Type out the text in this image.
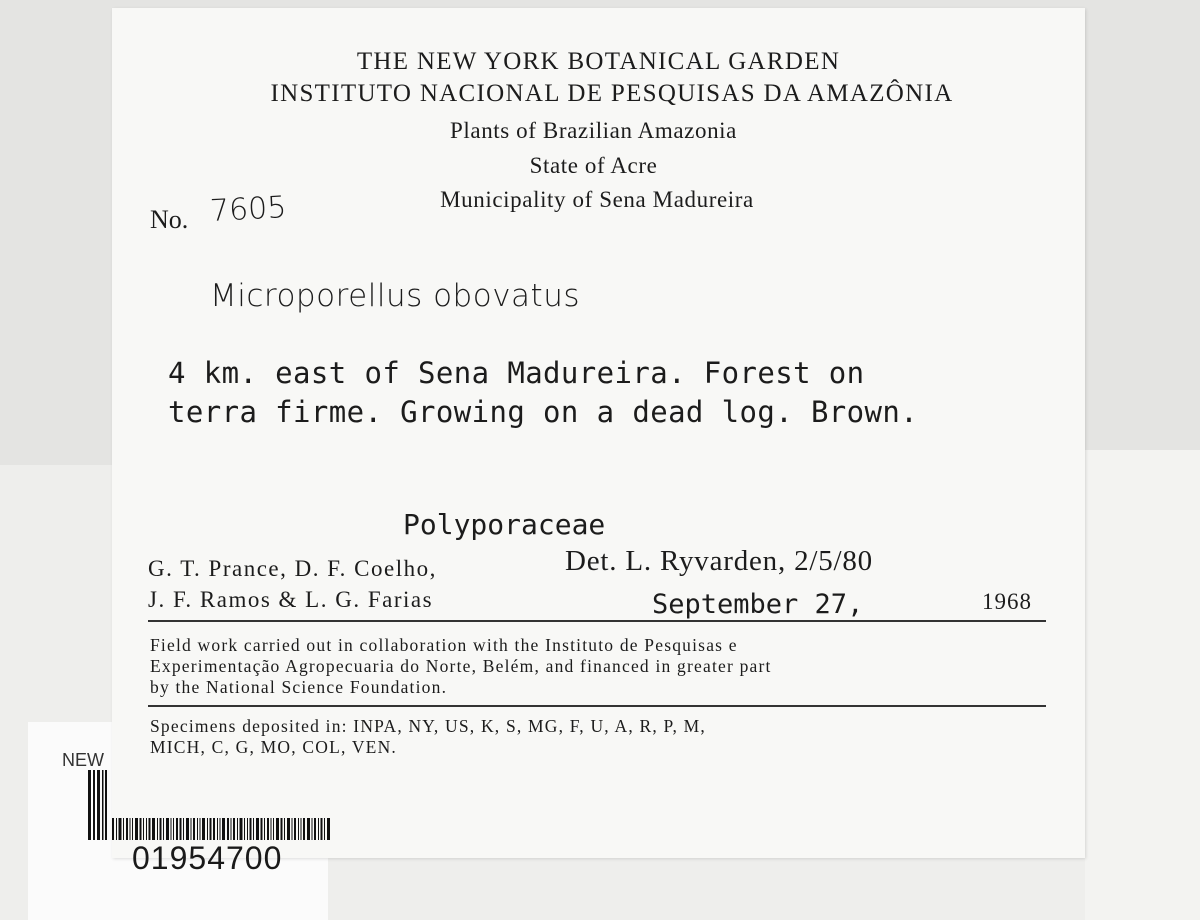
THE NEW YORK BOTANICAL GARDEN
INSTITUTO NACIONAL DE PESQUISAS DA AMAZÔNIA
Plants of Brazilian Amazonia
State of Acre
Municipality of Sena Madureira
No. 7605
Microporellus obovatus
4 km. east of Sena Madureira. Forest on
terra firme. Growing on a dead log. Brown.
Polyporaceae
G. T. Prance, D. F. Coelho,
J. F. Ramos & L. G. Farias
Det. L. Ryvarden, 2/5/80
September 27,	1968
Field work carried out in collaboration with the Instituto de Pesquisas e
Experimentação Agropecuaria do Norte, Belém, and financed in greater part
by the National Science Foundation.
Specimens deposited in: INPA, NY, US, K, S, MG, F, U, A, R, P, M,
MICH, C, G, MO, COL, VEN.
NEW
01954700
